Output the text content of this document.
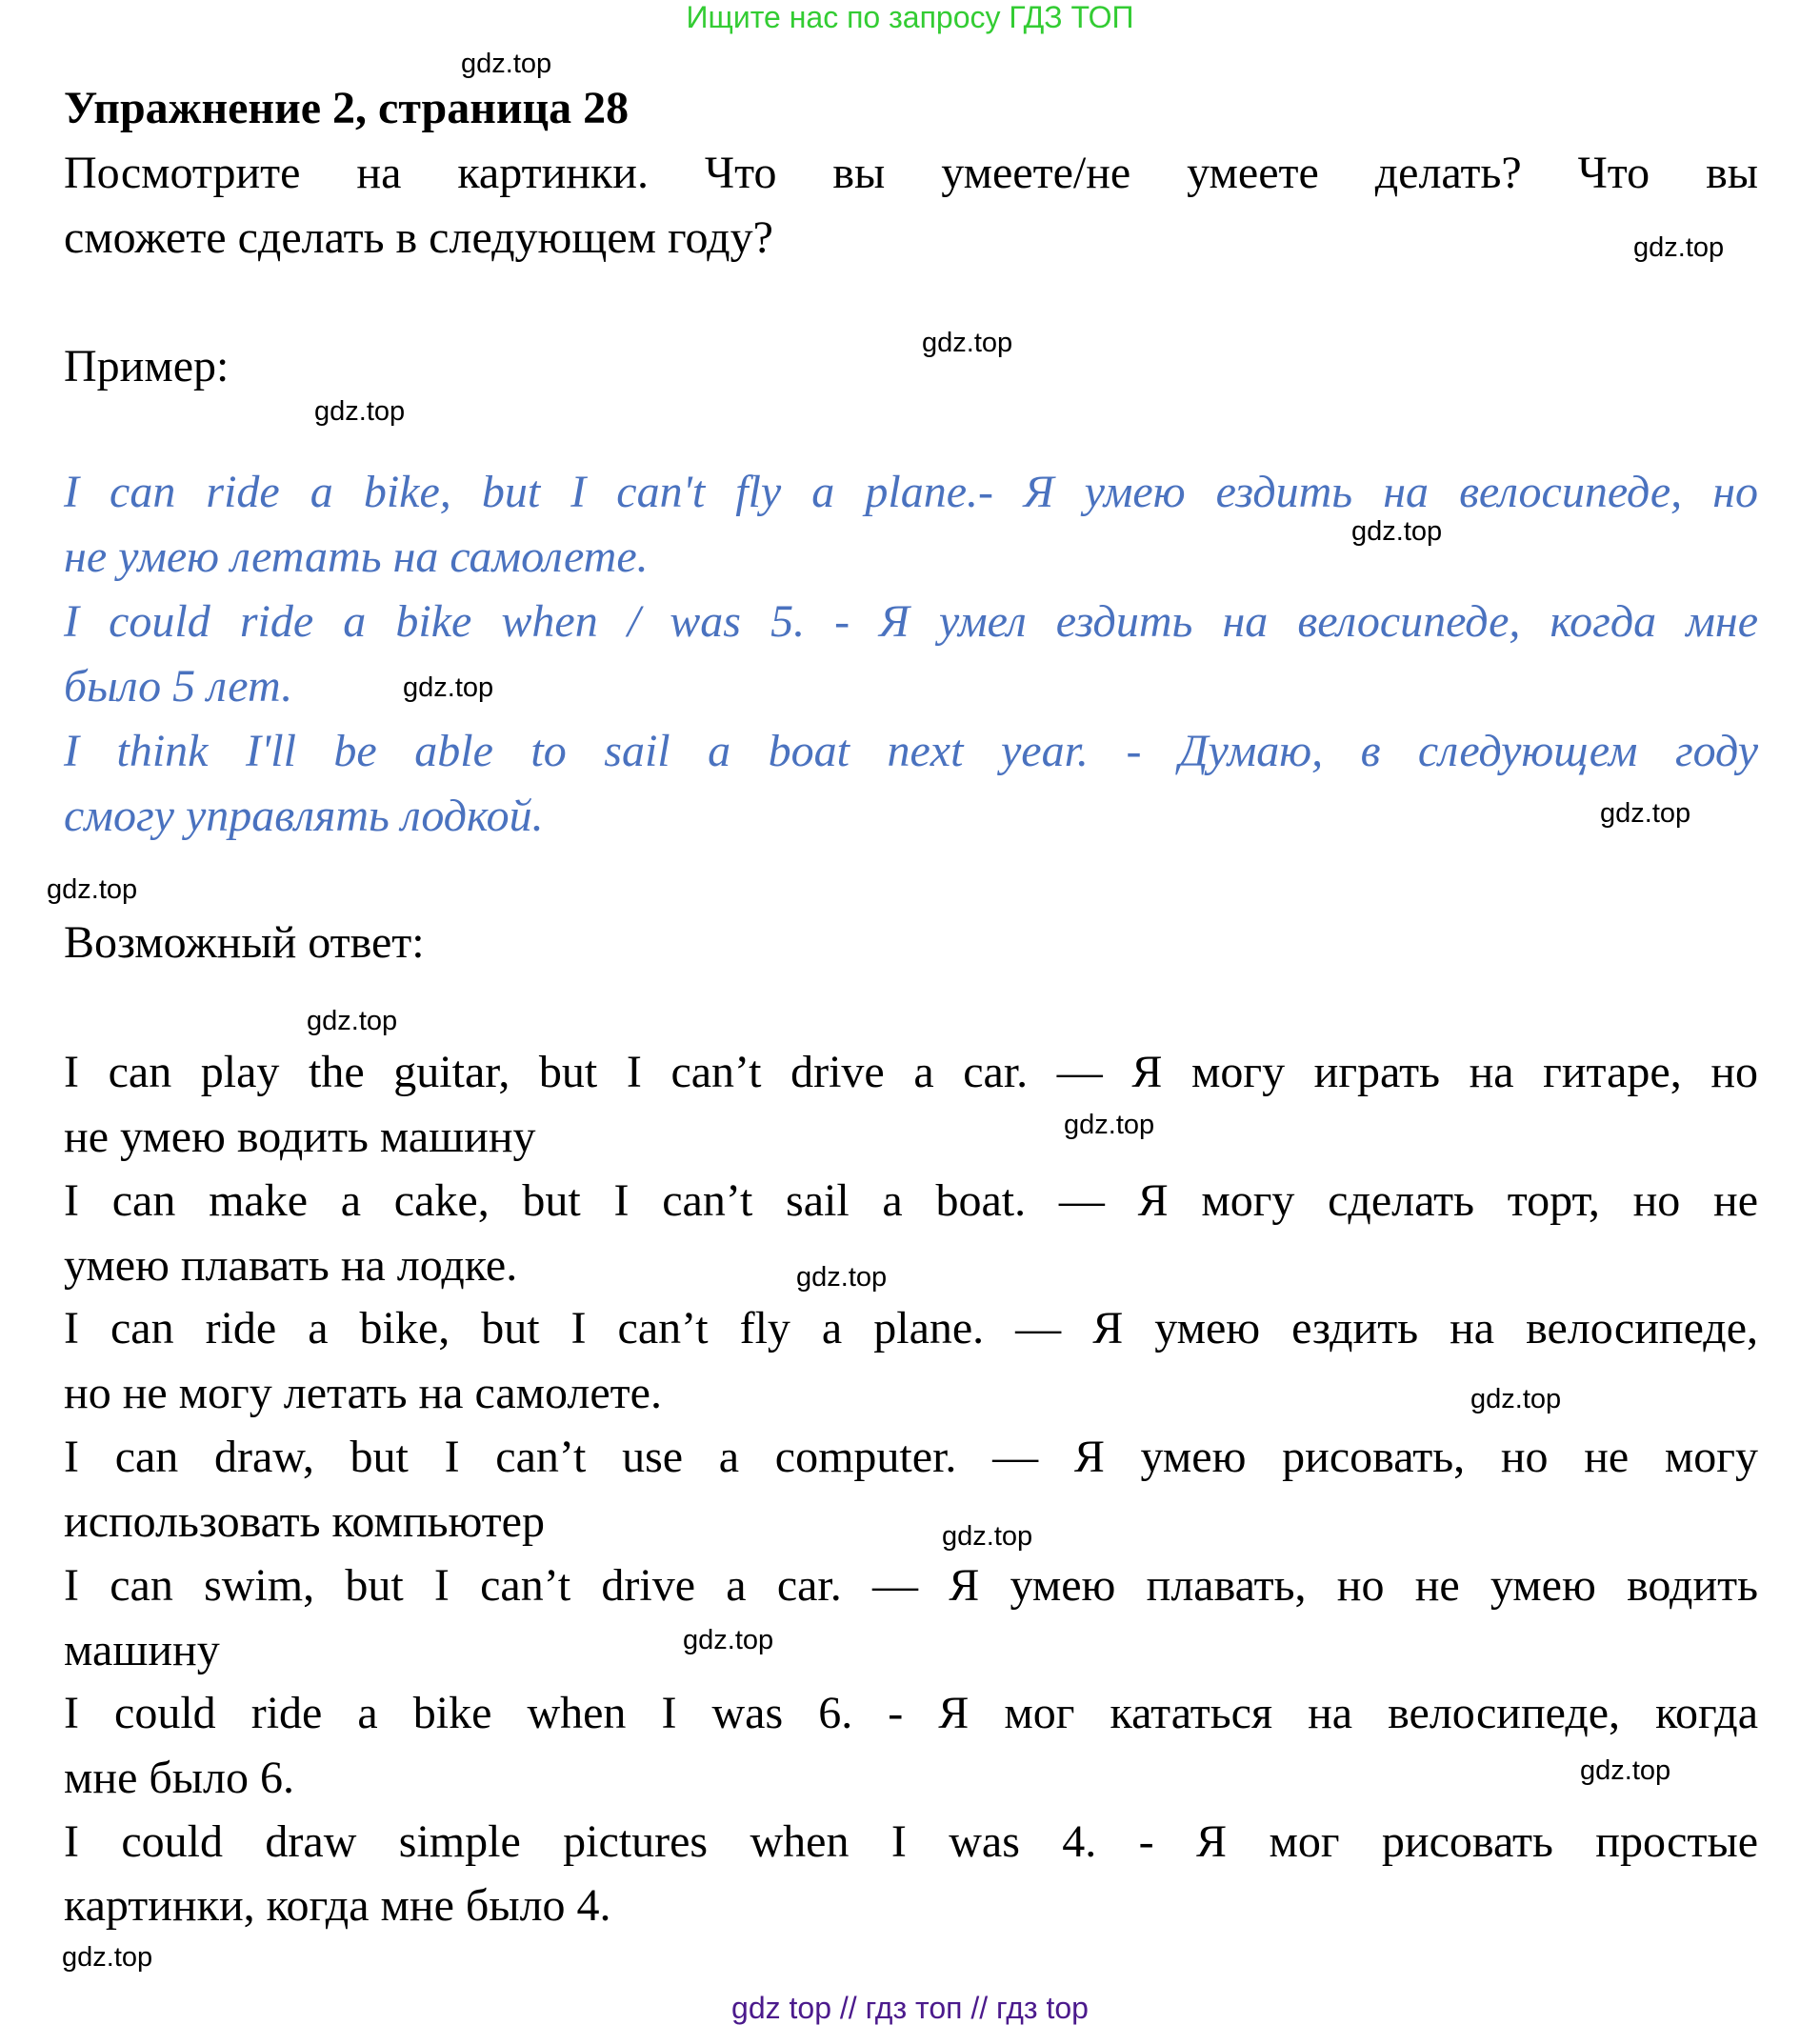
Ищите нас по запросу ГДЗ ТОП
Упражнение 2, страница 28
Посмотрите на картинки. Что вы умеете/не умеете делать? Что вы
сможете сделать в следующем году?
Пример:
I can ride a bike, but I can't fly a plane.- Я умею ездить на велосипеде, но
не умею летать на самолете.
I could ride a bike when / was 5. - Я умел ездить на велосипеде, когда мне
было 5 лет.
I think I'll be able to sail a boat next year. - Думаю, в следующем году
смогу управлять лодкой.
Возможный ответ:
I can play the guitar, but I can’t drive a car. — Я могу играть на гитаре, но
не умею водить машину
I can make a cake, but I can’t sail a boat. — Я могу сделать торт, но не
умею плавать на лодке.
I can ride a bike, but I can’t fly a plane. — Я умею ездить на велосипеде,
но не могу летать на самолете.
I can draw, but I can’t use a computer. — Я умею рисовать, но не могу
использовать компьютер
I can swim, but I can’t drive a car. — Я умею плавать, но не умею водить
машину
I could ride a bike when I was 6. - Я мог кататься на велосипеде, когда
мне было 6.
I could draw simple pictures when I was 4. - Я мог рисовать простые
картинки, когда мне было 4.
gdz.top
gdz.top
gdz.top
gdz.top
gdz.top
gdz.top
gdz.top
gdz.top
gdz.top
gdz.top
gdz.top
gdz.top
gdz.top
gdz.top
gdz.top
gdz.top
gdz top // гдз топ // гдз top
